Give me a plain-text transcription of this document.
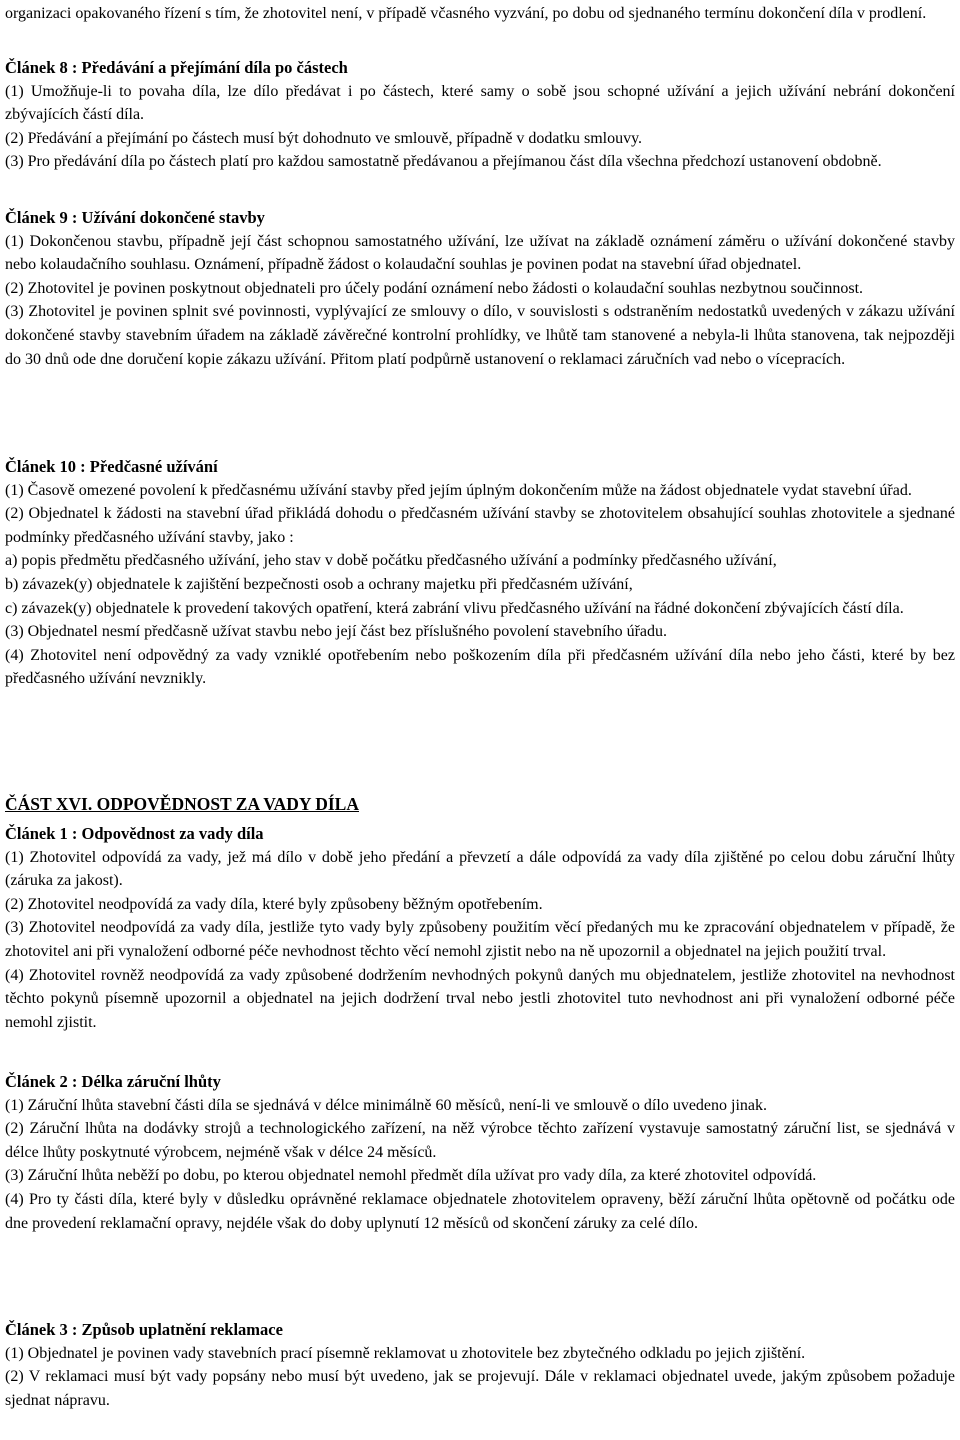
organizaci opakovaného řízení s tím, že zhotovitel není, v případě včasného vyzvání, po dobu od sjednaného termínu dokončení díla v prodlení.

Článek 8 : Předávání a přejímání díla po částech

(1) Umožňuje-li to povaha díla, lze dílo předávat i po částech, které samy o sobě jsou schopné užívání a jejich užívání nebrání dokončení zbývajících částí díla.

(2) Předávání a přejímání po částech musí být dohodnuto ve smlouvě, případně v dodatku smlouvy.

(3) Pro předávání díla po částech platí pro každou samostatně předávanou a přejímanou část díla všechna předchozí ustanovení obdobně.

Článek 9 : Užívání dokončené stavby

(1) Dokončenou stavbu, případně její část schopnou samostatného užívání, lze užívat na základě oznámení záměru o užívání dokončené stavby nebo kolaudačního souhlasu. Oznámení, případně žádost o kolaudační souhlas je povinen podat na stavební úřad objednatel.

(2) Zhotovitel je povinen poskytnout objednateli pro účely podání oznámení nebo žádosti o kolaudační souhlas nezbytnou součinnost.

(3) Zhotovitel je povinen splnit své povinnosti, vyplývající ze smlouvy o dílo, v souvislosti s odstraněním nedostatků uvedených v zákazu užívání dokončené stavby stavebním úřadem na základě závěrečné kontrolní prohlídky, ve lhůtě tam stanovené a nebyla-li lhůta stanovena, tak nejpozději do 30 dnů ode dne doručení kopie zákazu užívání. Přitom platí podpůrně ustanovení o reklamaci záručních vad nebo o vícepracích.

Článek 10 : Předčasné užívání

(1) Časově omezené povolení k předčasnému užívání stavby před jejím úplným dokončením může na žádost objednatele vydat stavební úřad.

(2) Objednatel k žádosti na stavební úřad přikládá dohodu o předčasném užívání stavby se zhotovitelem obsahující souhlas zhotovitele a sjednané podmínky předčasného užívání stavby, jako :

a) popis předmětu předčasného užívání, jeho stav v době počátku předčasného užívání a podmínky předčasného užívání,

b) závazek(y) objednatele k zajištění bezpečnosti osob a ochrany majetku při předčasném užívání,

c) závazek(y) objednatele k provedení takových opatření, která zabrání vlivu předčasného užívání na řádné dokončení zbývajících částí díla.

(3) Objednatel nesmí předčasně užívat stavbu nebo její část bez příslušného povolení stavebního úřadu.

(4) Zhotovitel není odpovědný za vady vzniklé opotřebením nebo poškozením díla při předčasném užívání díla nebo jeho části, které by bez předčasného užívání nevznikly.

ČÁST XVI. ODPOVĚDNOST ZA VADY DÍLA
Článek 1 : Odpovědnost za vady díla

(1) Zhotovitel odpovídá za vady, jež má dílo v době jeho předání a převzetí a dále odpovídá za vady díla zjištěné po celou dobu záruční lhůty (záruka za jakost).

(2) Zhotovitel neodpovídá za vady díla, které byly způsobeny běžným opotřebením.

(3) Zhotovitel neodpovídá za vady díla, jestliže tyto vady byly způsobeny použitím věcí předaných mu ke zpracování objednatelem v případě, že zhotovitel ani při vynaložení odborné péče nevhodnost těchto věcí nemohl zjistit nebo na ně upozornil a objednatel na jejich použití trval.

(4) Zhotovitel rovněž neodpovídá za vady způsobené dodržením nevhodných pokynů daných mu objednatelem, jestliže zhotovitel na nevhodnost těchto pokynů písemně upozornil a objednatel na jejich dodržení trval nebo jestli zhotovitel tuto nevhodnost ani při vynaložení odborné péče nemohl zjistit.

Článek 2 : Délka záruční lhůty

(1) Záruční lhůta stavební části díla se sjednává v délce minimálně 60 měsíců, není-li ve smlouvě o dílo uvedeno jinak.

(2) Záruční lhůta na dodávky strojů a technologického zařízení, na něž výrobce těchto zařízení vystavuje samostatný záruční list, se sjednává v délce lhůty poskytnuté výrobcem, nejméně však v délce 24 měsíců.

(3) Záruční lhůta neběží po dobu, po kterou objednatel nemohl předmět díla užívat pro vady díla, za které zhotovitel odpovídá.

(4) Pro ty části díla, které byly v důsledku oprávněné reklamace objednatele zhotovitelem opraveny, běží záruční lhůta opětovně od počátku ode dne provedení reklamační opravy, nejdéle však do doby uplynutí 12 měsíců od skončení záruky za celé dílo.

Článek 3 : Způsob uplatnění reklamace

(1) Objednatel je povinen vady stavebních prací písemně reklamovat u zhotovitele bez zbytečného odkladu po jejich zjištění.

(2) V reklamaci musí být vady popsány nebo musí být uvedeno, jak se projevují. Dále v reklamaci objednatel uvede, jakým způsobem požaduje sjednat nápravu.
